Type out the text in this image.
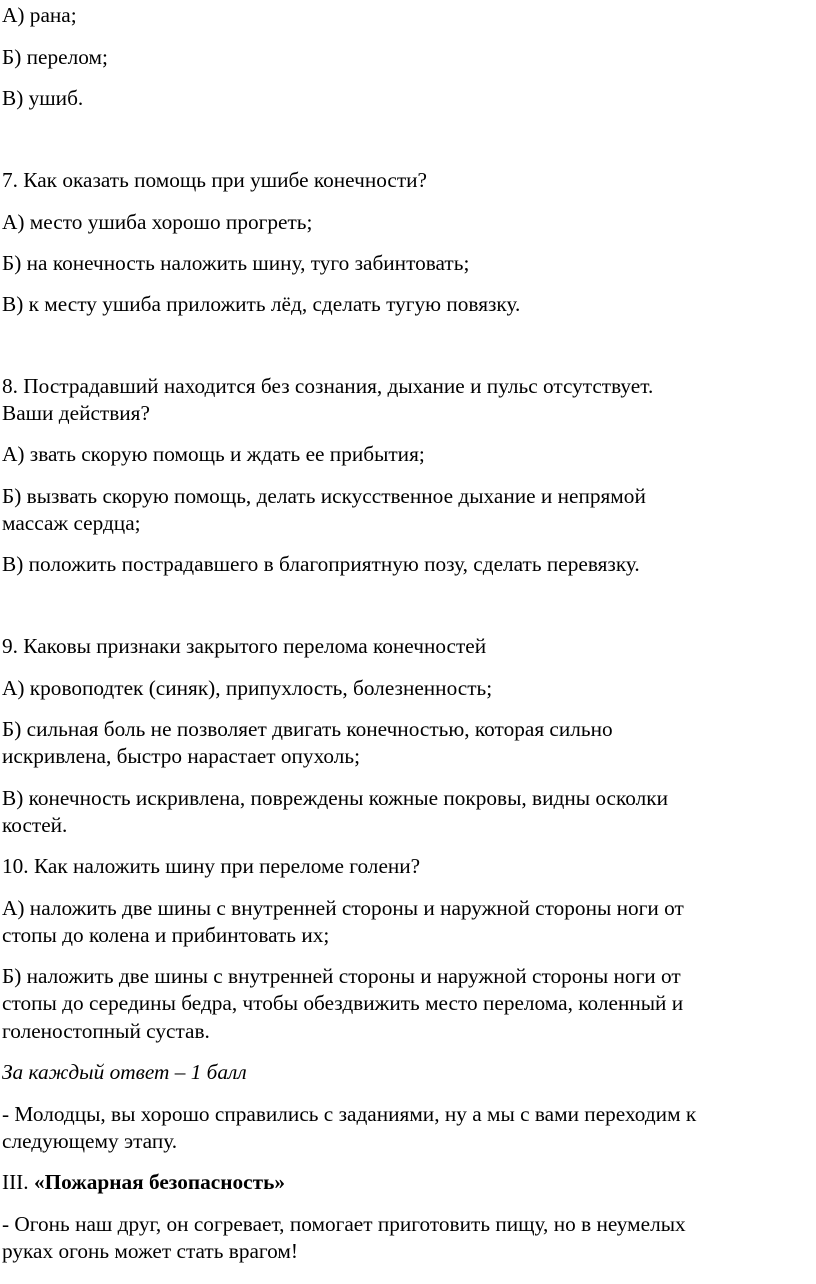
А) рана;
Б) перелом;
В) ушиб.
7. Как оказать помощь при ушибе конечности?
А) место ушиба хорошо прогреть;
Б) на конечность наложить шину, туго забинтовать;
В) к месту ушиба приложить лёд, сделать тугую повязку.
8. Пострадавший находится без сознания, дыхание и пульс отсутствует.
Ваши действия?
А) звать скорую помощь и ждать ее прибытия;
Б) вызвать скорую помощь, делать искусственное дыхание и непрямой
массаж сердца;
В) положить пострадавшего в благоприятную позу, сделать перевязку.
9. Каковы признаки закрытого перелома конечностей
А) кровоподтек (синяк), припухлость, болезненность;
Б) сильная боль не позволяет двигать конечностью, которая сильно
искривлена, быстро нарастает опухоль;
В) конечность искривлена, повреждены кожные покровы, видны осколки
костей.
10. Как наложить шину при переломе голени?
А) наложить две шины с внутренней стороны и наружной стороны ноги от
стопы до колена и прибинтовать их;
Б) наложить две шины с внутренней стороны и наружной стороны ноги от
стопы до середины бедра, чтобы обездвижить место перелома, коленный и
голеностопный сустав.
За каждый ответ – 1 балл
- Молодцы, вы хорошо справились с заданиями, ну а мы с вами переходим к
следующему этапу.
III. «Пожарная безопасность»
- Огонь наш друг, он согревает, помогает приготовить пищу, но в неумелых
руках огонь может стать врагом!
